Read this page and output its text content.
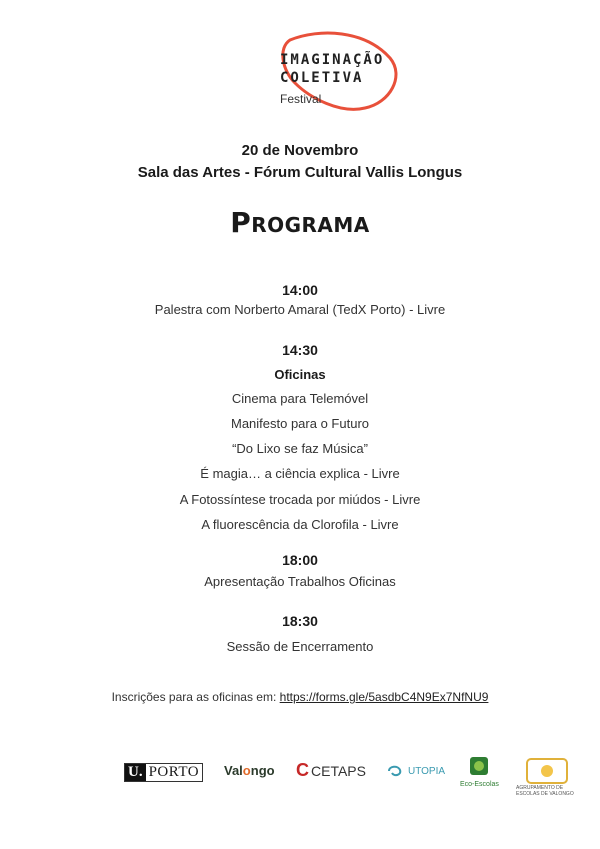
IMAGINAÇÃO
COLETIVA
Festival
20 de Novembro
Sala das Artes - Fórum Cultural Vallis Longus
Programa
14:00
Palestra com Norberto Amaral (TedX Porto) - Livre
14:30
Oficinas
Cinema para Telemóvel
Manifesto para o Futuro
“Do Lixo se faz Música”
É magia… a ciência explica - Livre
A Fotossíntese trocada por miúdos - Livre
A fluorescência da Clorofila - Livre
18:00
Apresentação Trabalhos Oficinas
18:30
Sessão de Encerramento
Inscrições para as oficinas em: https://forms.gle/5asdbC4N9Ex7NfNU9
U. PORTO Val o ngo C CETAPS	UTOPIA
Eco-Escolas	AGRUPAMENTO DE ESCOLAS DE VALONGO
